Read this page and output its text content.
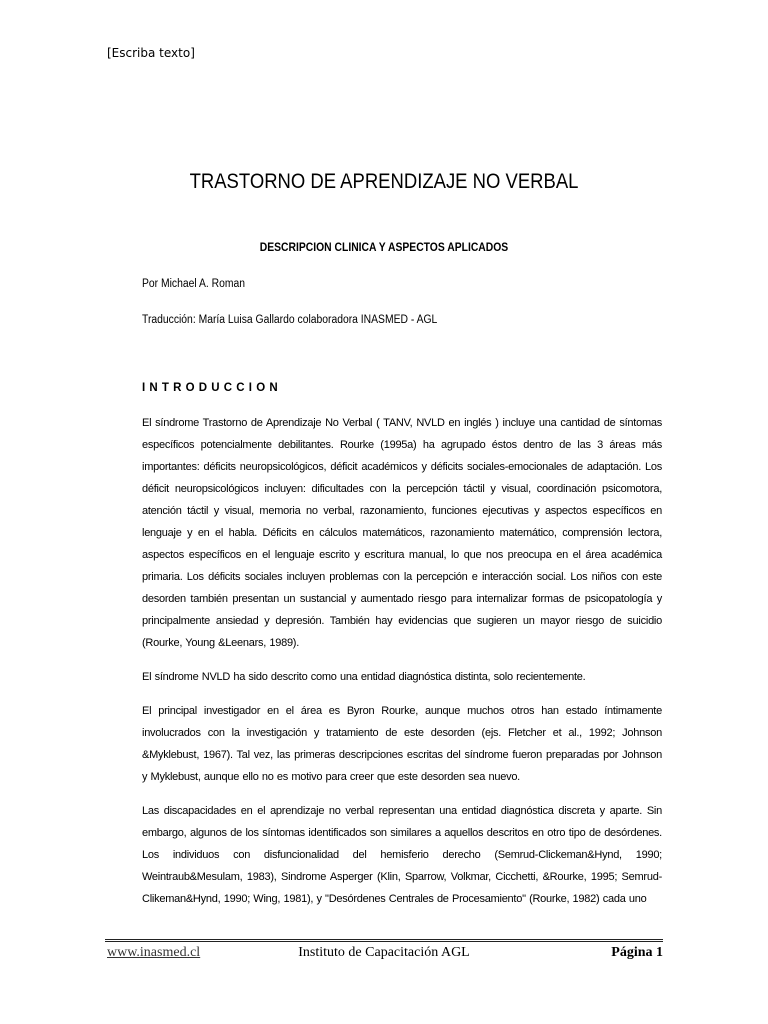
[Escriba texto]
TRASTORNO DE APRENDIZAJE NO VERBAL
DESCRIPCION CLINICA Y ASPECTOS APLICADOS
Por Michael A. Roman
Traducción: María Luisa Gallardo colaboradora INASMED - AGL
INTRODUCCION

El síndrome Trastorno de Aprendizaje No Verbal ( TANV, NVLD en inglés ) incluye una cantidad de síntomas específicos potencialmente debilitantes. Rourke (1995a) ha agrupado éstos dentro de las 3 áreas más importantes: déficits neuropsicológicos, déficit académicos y déficits sociales-emocionales de adaptación. Los déficit neuropsicológicos incluyen: dificultades con la percepción táctil y visual, coordinación psicomotora, atención táctil y visual, memoria no verbal, razonamiento, funciones ejecutivas y aspectos específicos en lenguaje y en el habla. Déficits en cálculos matemáticos, razonamiento matemático, comprensión lectora, aspectos específicos en el lenguaje escrito y escritura manual, lo que nos preocupa en el área académica primaria. Los déficits sociales incluyen problemas con la percepción e interacción social. Los niños con este desorden también presentan un sustancial y aumentado riesgo para internalizar formas de psicopatología y principalmente ansiedad y depresión. También hay evidencias que sugieren un mayor riesgo de suicidio (Rourke, Young &Leenars, 1989).

El síndrome NVLD ha sido descrito como una entidad diagnóstica distinta, solo recientemente.

El principal investigador en el área es Byron Rourke, aunque muchos otros han estado íntimamente involucrados con la investigación y tratamiento de este desorden (ejs. Fletcher et al., 1992; Johnson &Myklebust, 1967). Tal vez, las primeras descripciones escritas del síndrome fueron preparadas por Johnson y Myklebust, aunque ello no es motivo para creer que este desorden sea nuevo.

Las discapacidades en el aprendizaje no verbal representan una entidad diagnóstica discreta y aparte. Sin embargo, algunos de los síntomas identificados son similares a aquellos descritos en otro tipo de desórdenes. Los individuos con disfuncionalidad del hemisferio derecho (Semrud-Clickeman&Hynd, 1990; Weintraub&Mesulam, 1983), Sindrome Asperger (Klin, Sparrow, Volkmar, Cicchetti, &Rourke, 1995; Semrud-Clikeman&Hynd, 1990; Wing, 1981), y "Desórdenes Centrales de Procesamiento" (Rourke, 1982) cada uno

www.inasmed.cl	Instituto de Capacitación AGL	Página 1
